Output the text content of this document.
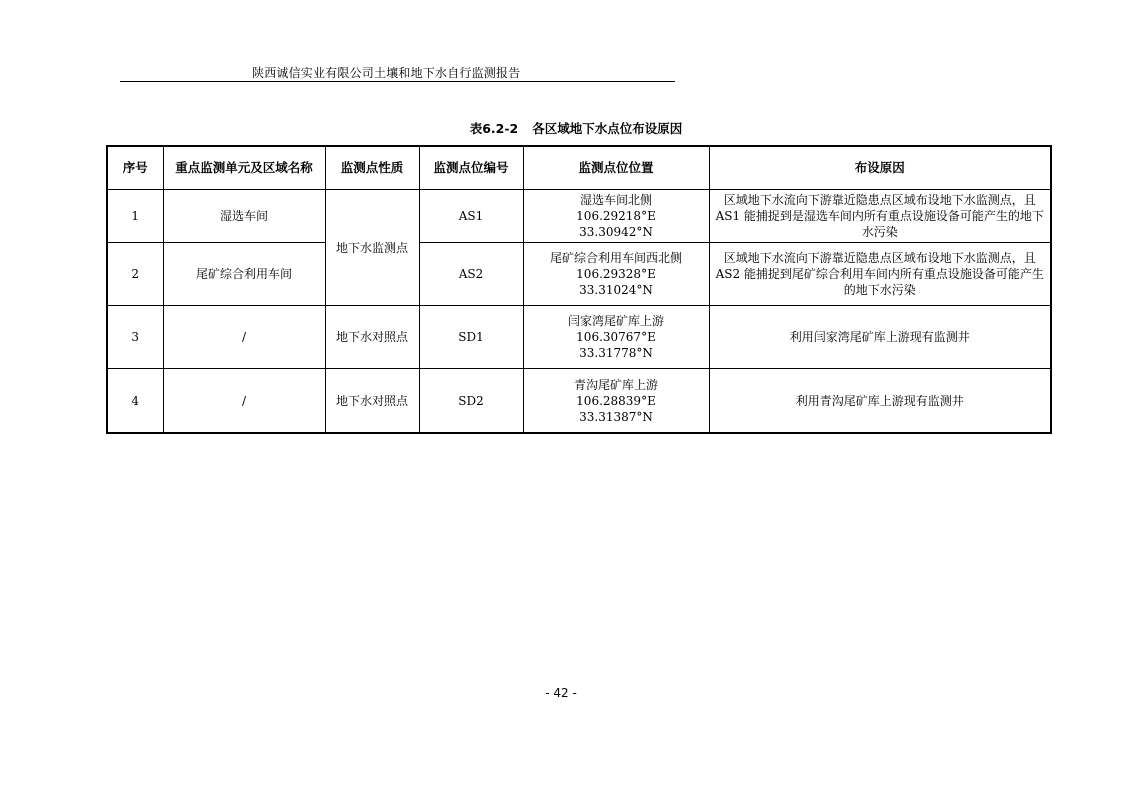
陕西诚信实业有限公司土壤和地下水自行监测报告
表6.2-2 各区域地下水点位布设原因
序号	重点监测单元及区域名称	监测点性质	监测点位编号	监测点位位置	布设原因
1	湿选车间	地下水监测点	AS1	湿选车间北侧
106.29218°E
33.30942°N	区域地下水流向下游靠近隐患点区域布设地下水监测点，且AS1 能捕捉到是湿选车间内所有重点设施设备可能产生的地下水污染
2	尾矿综合利用车间		AS2	尾矿综合利用车间西北侧
106.29328°E
33.31024°N	区域地下水流向下游靠近隐患点区域布设地下水监测点，且AS2 能捕捉到尾矿综合利用车间内所有重点设施设备可能产生的地下水污染
3	/	地下水对照点	SD1	闫家湾尾矿库上游
106.30767°E
33.31778°N	利用闫家湾尾矿库上游现有监测井
4	/	地下水对照点	SD2	青沟尾矿库上游
106.28839°E
33.31387°N	利用青沟尾矿库上游现有监测井
- 42 -
